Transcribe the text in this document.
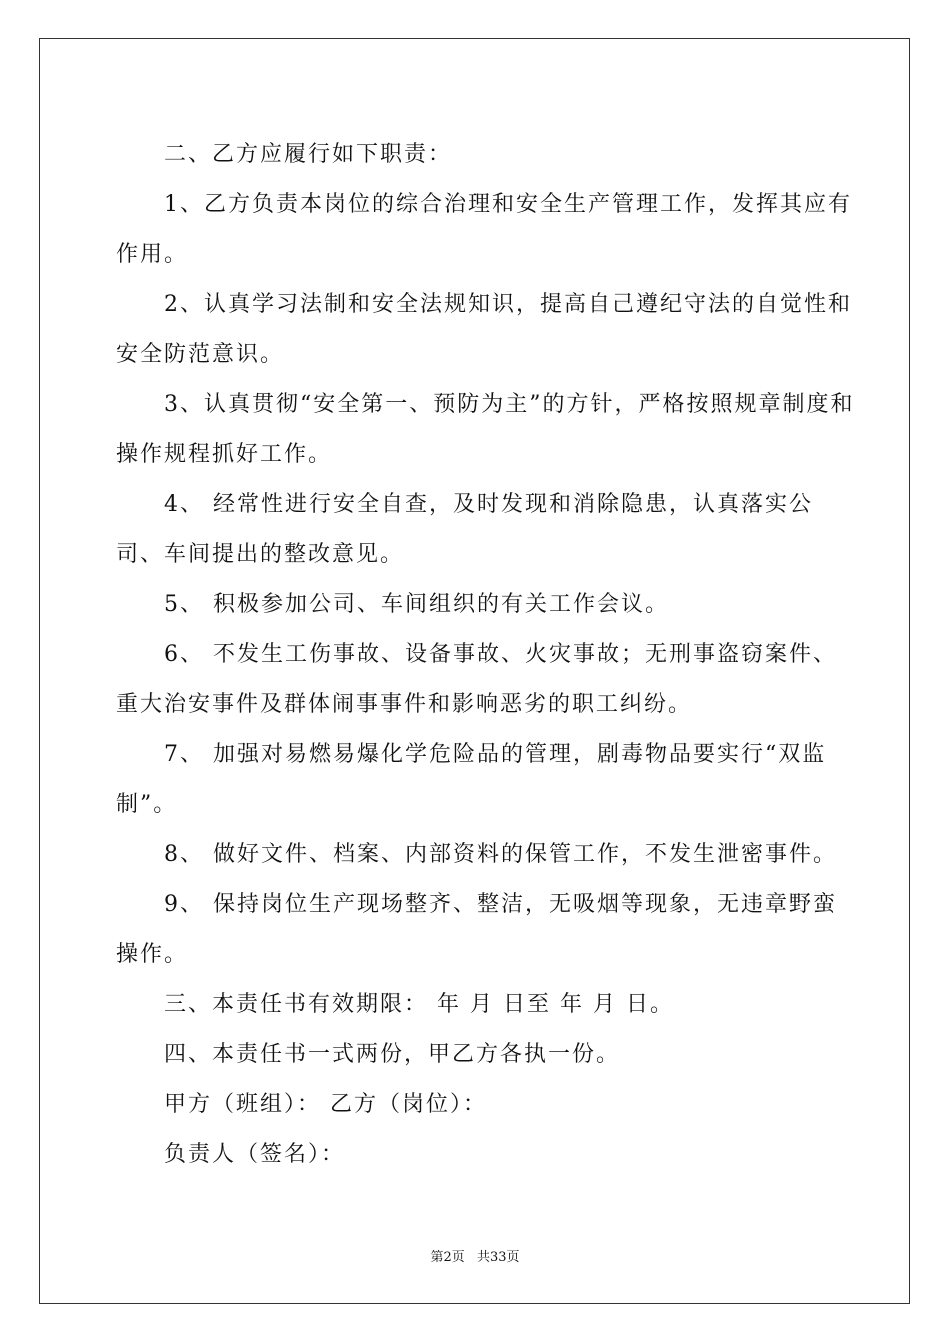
二、乙方应履行如下职责：

1、乙方负责本岗位的综合治理和安全生产管理工作，发挥其应有作用。

2、认真学习法制和安全法规知识，提高自己遵纪守法的自觉性和安全防范意识。

3、认真贯彻“安全第一、预防为主”的方针，严格按照规章制度和操作规程抓好工作。

4、 经常性进行安全自查，及时发现和消除隐患，认真落实公司、车间提出的整改意见。

5、 积极参加公司、车间组织的有关工作会议。

6、 不发生工伤事故、设备事故、火灾事故；无刑事盗窃案件、重大治安事件及群体闹事事件和影响恶劣的职工纠纷。

7、 加强对易燃易爆化学危险品的管理，剧毒物品要实行“双监制”。

8、 做好文件、档案、内部资料的保管工作，不发生泄密事件。

9、 保持岗位生产现场整齐、整洁，无吸烟等现象，无违章野蛮操作。

三、本责任书有效期限： 年 月 日至 年 月 日。

四、本责任书一式两份，甲乙方各执一份。

甲方（班组）： 乙方（岗位）：

负责人（签名）：

第2页 共33页
